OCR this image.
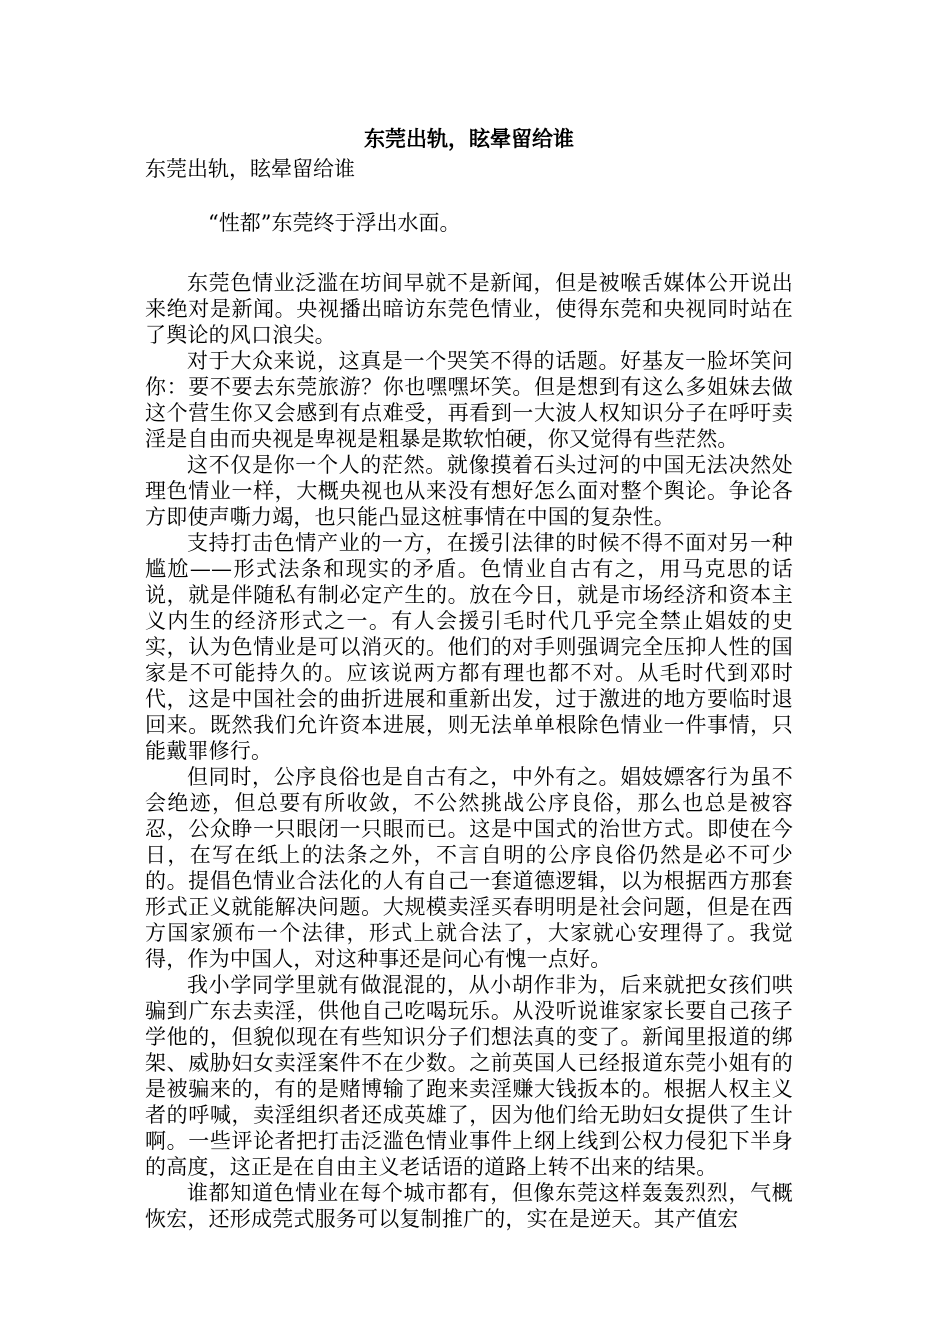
东莞出轨，眩晕留给谁

东莞出轨，眩晕留给谁

“性都”东莞终于浮出水面。

东莞色情业泛滥在坊间早就不是新闻，但是被喉舌媒体公开说出来绝对是新闻。央视播出暗访东莞色情业，使得东莞和央视同时站在了舆论的风口浪尖。

对于大众来说，这真是一个哭笑不得的话题。好基友一脸坏笑问你：要不要去东莞旅游？你也嘿嘿坏笑。但是想到有这么多姐妹去做这个营生你又会感到有点难受，再看到一大波人权知识分子在呼吁卖淫是自由而央视是卑视是粗暴是欺软怕硬，你又觉得有些茫然。

这不仅是你一个人的茫然。就像摸着石头过河的中国无法决然处理色情业一样，大概央视也从来没有想好怎么面对整个舆论。争论各方即使声嘶力竭，也只能凸显这桩事情在中国的复杂性。

支持打击色情产业的一方，在援引法律的时候不得不面对另一种尴尬——形式法条和现实的矛盾。色情业自古有之，用马克思的话说，就是伴随私有制必定产生的。放在今日，就是市场经济和资本主义内生的经济形式之一。有人会援引毛时代几乎完全禁止娼妓的史实，认为色情业是可以消灭的。他们的对手则强调完全压抑人性的国家是不可能持久的。应该说两方都有理也都不对。从毛时代到邓时代，这是中国社会的曲折进展和重新出发，过于激进的地方要临时退回来。既然我们允许资本进展，则无法单单根除色情业一件事情，只能戴罪修行。

但同时，公序良俗也是自古有之，中外有之。娼妓嫖客行为虽不会绝迹，但总要有所收敛，不公然挑战公序良俗，那么也总是被容忍，公众睁一只眼闭一只眼而已。这是中国式的治世方式。即使在今日，在写在纸上的法条之外，不言自明的公序良俗仍然是必不可少的。提倡色情业合法化的人有自己一套道德逻辑，以为根据西方那套形式正义就能解决问题。大规模卖淫买春明明是社会问题，但是在西方国家颁布一个法律，形式上就合法了，大家就心安理得了。我觉得，作为中国人，对这种事还是问心有愧一点好。

我小学同学里就有做混混的，从小胡作非为，后来就把女孩们哄骗到广东去卖淫，供他自己吃喝玩乐。从没听说谁家家长要自己孩子学他的，但貌似现在有些知识分子们想法真的变了。新闻里报道的绑架、威胁妇女卖淫案件不在少数。之前英国人已经报道东莞小姐有的是被骗来的，有的是赌博输了跑来卖淫赚大钱扳本的。根据人权主义者的呼喊，卖淫组织者还成英雄了，因为他们给无助妇女提供了生计啊。一些评论者把打击泛滥色情业事件上纲上线到公权力侵犯下半身的高度，这正是在自由主义老话语的道路上转不出来的结果。

谁都知道色情业在每个城市都有，但像东莞这样轰轰烈烈，气概恢宏，还形成莞式服务可以复制推广的，实在是逆天。其产值宏
